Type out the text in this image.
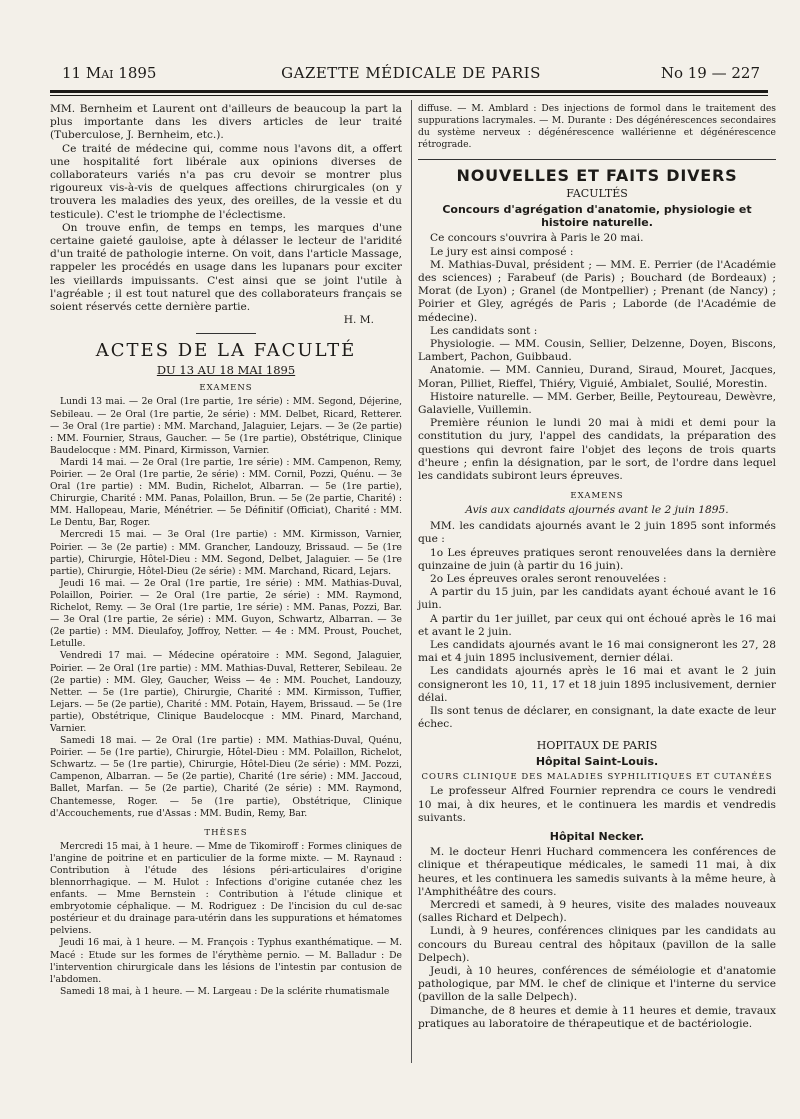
11 Mai 1895	GAZETTE MÉDICALE DE PARIS	No 19 — 227

MM. Bernheim et Laurent ont d'ailleurs de beaucoup la part la plus importante dans les divers articles de leur traité (Tuberculose, J. Bernheim, etc.).

Ce traité de médecine qui, comme nous l'avons dit, a offert une hospitalité fort libérale aux opinions diverses de collaborateurs variés n'a pas cru devoir se montrer plus rigoureux vis-à-vis de quelques affections chirurgicales (on y trouvera les maladies des yeux, des oreilles, de la vessie et du testicule). C'est le triomphe de l'éclectisme.

On trouve enfin, de temps en temps, les marques d'une certaine gaieté gauloise, apte à délasser le lecteur de l'aridité d'un traité de pathologie interne. On voit, dans l'article Massage, rappeler les procédés en usage dans les lupanars pour exciter les vieillards impuissants. C'est ainsi que se joint l'utile à l'agréable ; il est tout naturel que des collaborateurs français se soient réservés cette dernière partie.

H. M.

ACTES DE LA FACULTÉ
DU 13 AU 18 MAI 1895
EXAMENS

Lundi 13 mai. — 2e Oral (1re partie, 1re série) : MM. Segond, Déjerine, Sebileau. — 2e Oral (1re partie, 2e série) : MM. Delbet, Ricard, Retterer. — 3e Oral (1re partie) : MM. Marchand, Jalaguier, Lejars. — 3e (2e partie) : MM. Fournier, Straus, Gaucher. — 5e (1re partie), Obstétrique, Clinique Baudelocque : MM. Pinard, Kirmisson, Varnier.

Mardi 14 mai. — 2e Oral (1re partie, 1re série) : MM. Campenon, Remy, Poirier. — 2e Oral (1re partie, 2e série) : MM. Cornil, Pozzi, Quénu. — 3e Oral (1re partie) : MM. Budin, Richelot, Albarran. — 5e (1re partie), Chirurgie, Charité : MM. Panas, Polaillon, Brun. — 5e (2e partie, Charité) : MM. Hallopeau, Marie, Ménétrier. — 5e Définitif (Officiat), Charité : MM. Le Dentu, Bar, Roger.

Mercredi 15 mai. — 3e Oral (1re partie) : MM. Kirmisson, Varnier, Poirier. — 3e (2e partie) : MM. Grancher, Landouzy, Brissaud. — 5e (1re partie), Chirurgie, Hôtel-Dieu : MM. Segond, Delbet, Jalaguier. — 5e (1re partie), Chirurgie, Hôtel-Dieu (2e série) : MM. Marchand, Ricard, Lejars.

Jeudi 16 mai. — 2e Oral (1re partie, 1re série) : MM. Mathias-Duval, Polaillon, Poirier. — 2e Oral (1re partie, 2e série) : MM. Raymond, Richelot, Remy. — 3e Oral (1re partie, 1re série) : MM. Panas, Pozzi, Bar. — 3e Oral (1re partie, 2e série) : MM. Guyon, Schwartz, Albarran. — 3e (2e partie) : MM. Dieulafoy, Joffroy, Netter. — 4e : MM. Proust, Pouchet, Letulle.

Vendredi 17 mai. — Médecine opératoire : MM. Segond, Jalaguier, Poirier. — 2e Oral (1re partie) : MM. Mathias-Duval, Retterer, Sebileau. 2e (2e partie) : MM. Gley, Gaucher, Weiss — 4e : MM. Pouchet, Landouzy, Netter. — 5e (1re partie), Chirurgie, Charité : MM. Kirmisson, Tuffier, Lejars. — 5e (2e partie), Charité : MM. Potain, Hayem, Brissaud. — 5e (1re partie), Obstétrique, Clinique Baudelocque : MM. Pinard, Marchand, Varnier.

Samedi 18 mai. — 2e Oral (1re partie) : MM. Mathias-Duval, Quénu, Poirier. — 5e (1re partie), Chirurgie, Hôtel-Dieu : MM. Polaillon, Richelot, Schwartz. — 5e (1re partie), Chirurgie, Hôtel-Dieu (2e série) : MM. Pozzi, Campenon, Albarran. — 5e (2e partie), Charité (1re série) : MM. Jaccoud, Ballet, Marfan. — 5e (2e partie), Charité (2e série) : MM. Raymond, Chantemesse, Roger. — 5e (1re partie), Obstétrique, Clinique d'Accouchements, rue d'Assas : MM. Budin, Remy, Bar.

THÈSES

Mercredi 15 mai, à 1 heure. — Mme de Tikomiroff : Formes cliniques de l'angine de poitrine et en particulier de la forme mixte. — M. Raynaud : Contribution à l'étude des lésions péri-articulaires d'origine blennorrhagique. — M. Hulot : Infections d'origine cutanée chez les enfants. — Mme Bernstein : Contribution à l'étude clinique et embryotomie céphalique. — M. Rodriguez : De l'incision du cul de-sac postérieur et du drainage para-utérin dans les suppurations et hématomes pelviens.

Jeudi 16 mai, à 1 heure. — M. François : Typhus exanthématique. — M. Macé : Etude sur les formes de l'érythème pernio. — M. Balladur : De l'intervention chirurgicale dans les lésions de l'intestin par contusion de l'abdomen.

Samedi 18 mai, à 1 heure. — M. Largeau : De la sclérite rhumatismale

diffuse. — M. Amblard : Des injections de formol dans le traitement des suppurations lacrymales. — M. Durante : Des dégénérescences secondaires du système nerveux : dégénérescence wallérienne et dégénérescence rétrograde.

NOUVELLES ET FAITS DIVERS
FACULTÉS
Concours d'agrégation d'anatomie, physiologie et histoire naturelle.

Ce concours s'ouvrira à Paris le 20 mai.

Le jury est ainsi composé :

M. Mathias-Duval, président ; — MM. E. Perrier (de l'Académie des sciences) ; Farabeuf (de Paris) ; Bouchard (de Bordeaux) ; Morat (de Lyon) ; Granel (de Montpellier) ; Prenant (de Nancy) ; Poirier et Gley, agrégés de Paris ; Laborde (de l'Académie de médecine).

Les candidats sont :

Physiologie. — MM. Cousin, Sellier, Delzenne, Doyen, Biscons, Lambert, Pachon, Guibbaud.

Anatomie. — MM. Cannieu, Durand, Siraud, Mouret, Jacques, Moran, Pilliet, Rieffel, Thiéry, Viguié, Ambialet, Soulié, Morestin.

Histoire naturelle. — MM. Gerber, Beille, Peytoureau, Dewèvre, Galavielle, Vuillemin.

Première réunion le lundi 20 mai à midi et demi pour la constitution du jury, l'appel des candidats, la préparation des questions qui devront faire l'objet des leçons de trois quarts d'heure ; enfin la désignation, par le sort, de l'ordre dans lequel les candidats subiront leurs épreuves.

EXAMENS
Avis aux candidats ajournés avant le 2 juin 1895.

MM. les candidats ajournés avant le 2 juin 1895 sont informés que :

1o Les épreuves pratiques seront renouvelées dans la dernière quinzaine de juin (à partir du 16 juin).

2o Les épreuves orales seront renouvelées :

A partir du 15 juin, par les candidats ayant échoué avant le 16 juin.

A partir du 1er juillet, par ceux qui ont échoué après le 16 mai et avant le 2 juin.

Les candidats ajournés avant le 16 mai consigneront les 27, 28 mai et 4 juin 1895 inclusivement, dernier délai.

Les candidats ajournés après le 16 mai et avant le 2 juin consigneront les 10, 11, 17 et 18 juin 1895 inclusivement, dernier délai.

Ils sont tenus de déclarer, en consignant, la date exacte de leur échec.

HOPITAUX DE PARIS
Hôpital Saint-Louis.
COURS CLINIQUE DES MALADIES SYPHILITIQUES ET CUTANÉES

Le professeur Alfred Fournier reprendra ce cours le vendredi 10 mai, à dix heures, et le continuera les mardis et vendredis suivants.

Hôpital Necker.

M. le docteur Henri Huchard commencera les conférences de clinique et thérapeutique médicales, le samedi 11 mai, à dix heures, et les continuera les samedis suivants à la même heure, à l'Amphithéâtre des cours.

Mercredi et samedi, à 9 heures, visite des malades nouveaux (salles Richard et Delpech).

Lundi, à 9 heures, conférences cliniques par les candidats au concours du Bureau central des hôpitaux (pavillon de la salle Delpech).

Jeudi, à 10 heures, conférences de séméiologie et d'anatomie pathologique, par MM. le chef de clinique et l'interne du service (pavillon de la salle Delpech).

Dimanche, de 8 heures et demie à 11 heures et demie, travaux pratiques au laboratoire de thérapeutique et de bactériologie.
